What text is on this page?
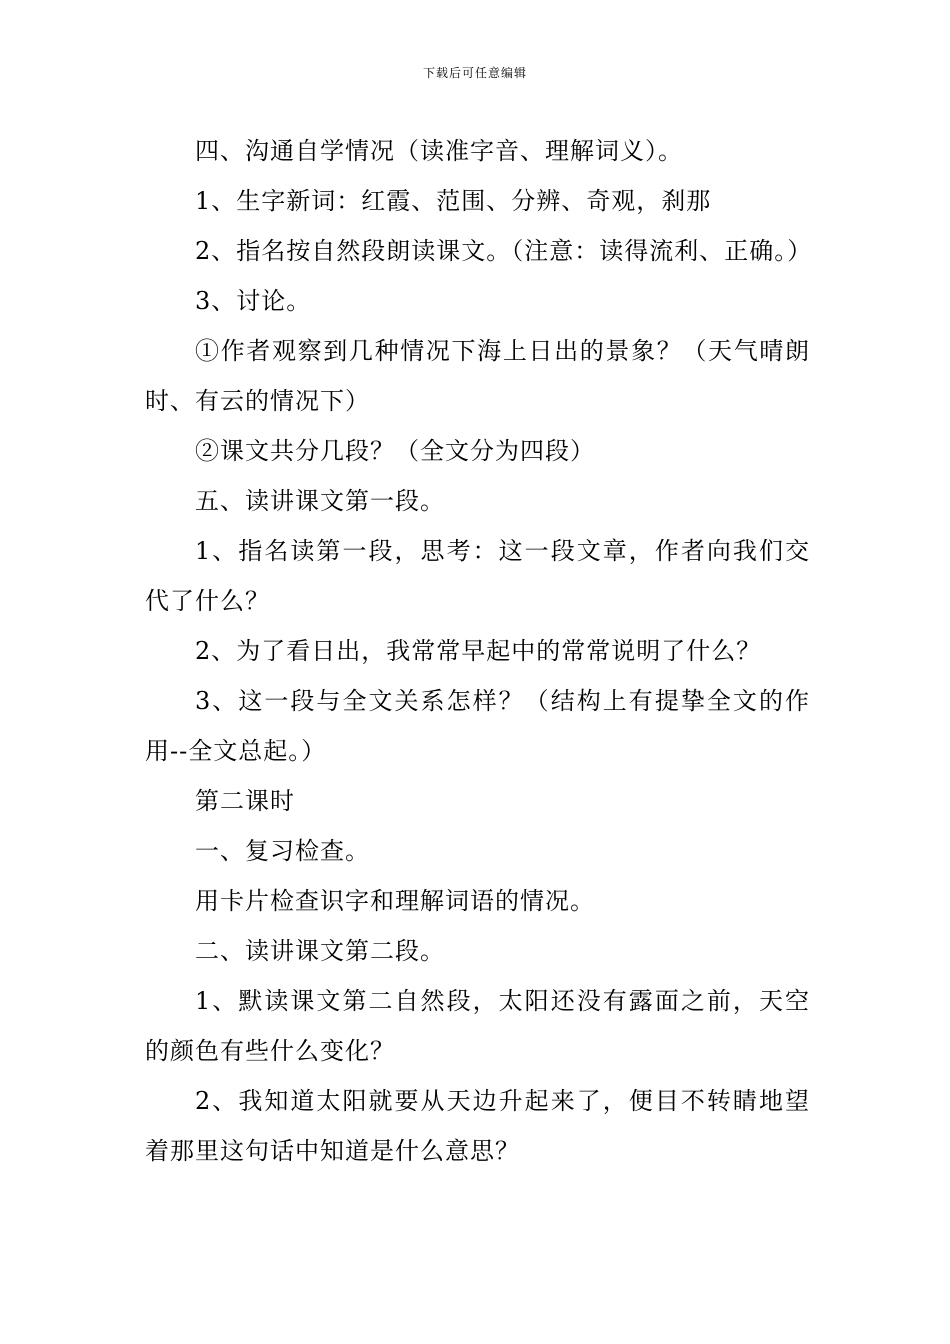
下载后可任意编辑

四、沟通自学情况（读准字音、理解词义）。

1、生字新词：红霞、范围、分辨、奇观，刹那

2、指名按自然段朗读课文。（注意：读得流利、正确。）

3、讨论。

①作者观察到几种情况下海上日出的景象？（天气晴朗时、有云的情况下）

②课文共分几段？（全文分为四段）

五、读讲课文第一段。

1、指名读第一段，思考：这一段文章，作者向我们交代了什么？

2、为了看日出，我常常早起中的常常说明了什么？

3、这一段与全文关系怎样？（结构上有提挚全文的作用--全文总起。）

第二课时

一、复习检查。

用卡片检查识字和理解词语的情况。

二、读讲课文第二段。

1、默读课文第二自然段，太阳还没有露面之前，天空的颜色有些什么变化？

2、我知道太阳就要从天边升起来了，便目不转睛地望着那里这句话中知道是什么意思？
